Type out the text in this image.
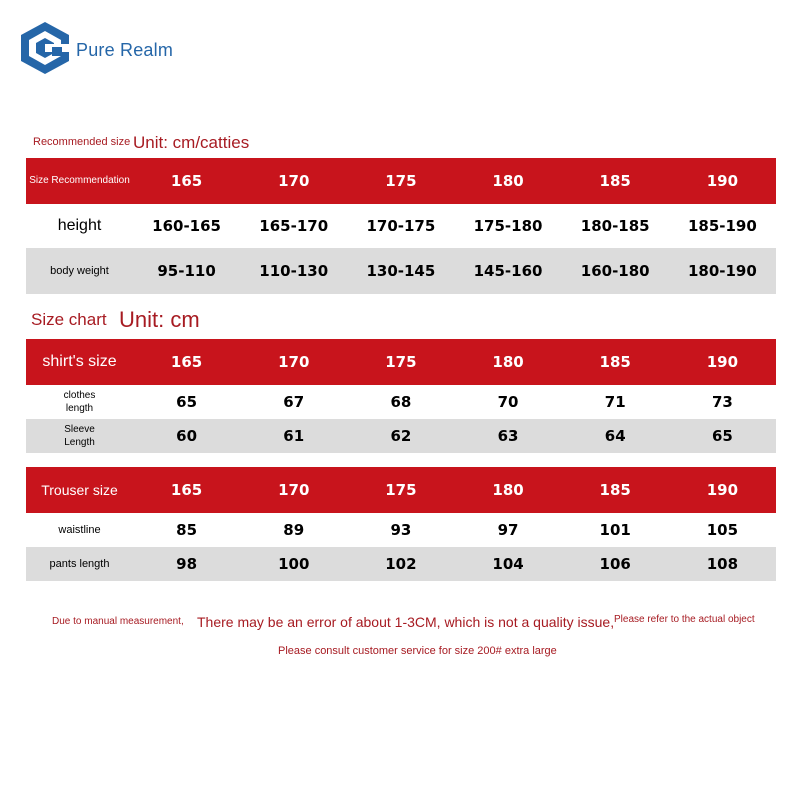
Pure Realm
Recommended size Unit: cm/catties
Size Recommendation	165	170	175	180	185	190
height	160-165	165-170	170-175	175-180	180-185	185-190
body weight	95-110	110-130	130-145	145-160	160-180	180-190
Size chart Unit: cm
shirt's size	165	170	175	180	185	190
clothes length	65	67	68	70	71	73
Sleeve Length	60	61	62	63	64	65
Trouser size	165	170	175	180	185	190
waistline	85	89	93	97	101	105
pants length	98	100	102	104	106	108
Due to manual measurement, There may be an error of about 1-3CM, which is not a quality issue, Please refer to the actual object
Please consult customer service for size 200# extra large
